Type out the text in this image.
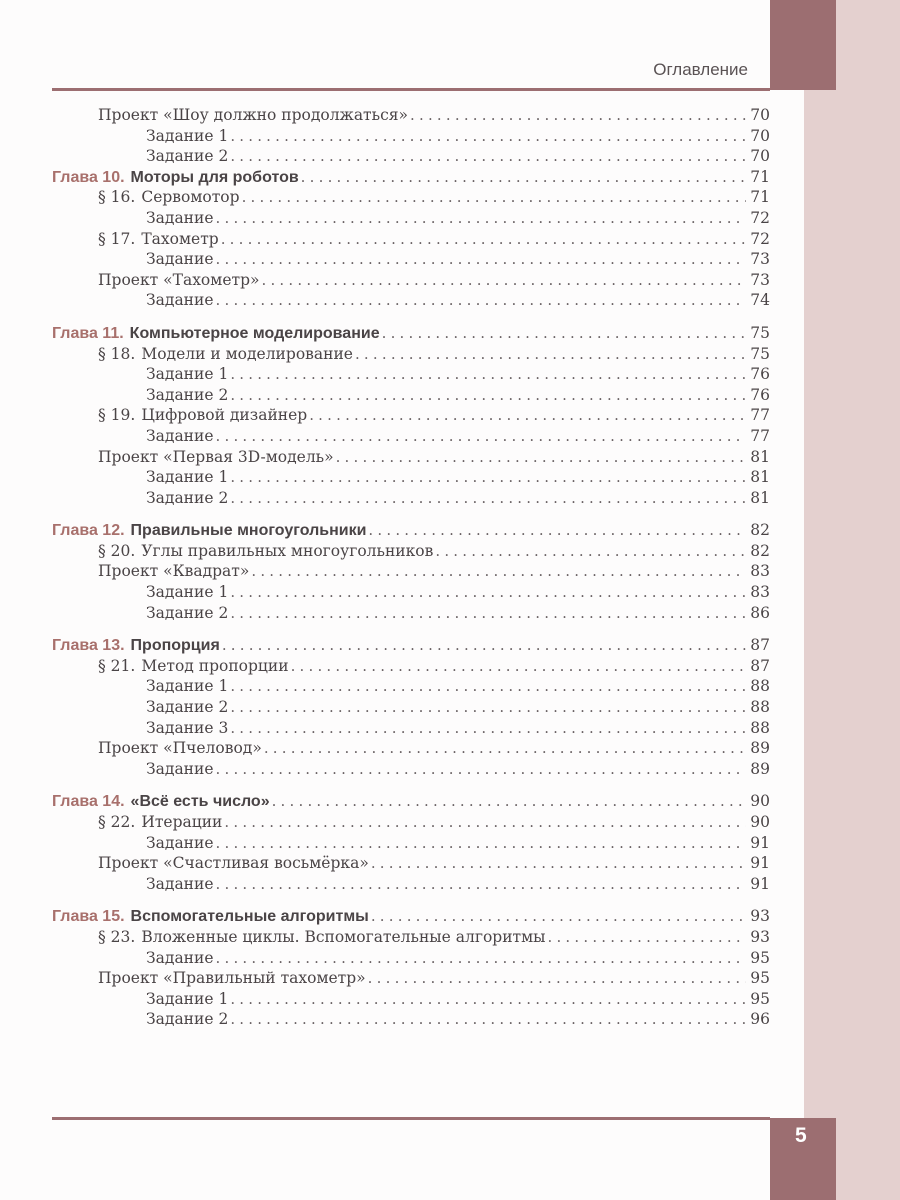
Оглавление
Проект «Шоу должно продолжаться» .....	70
Задание 1 .....	70
Задание 2 .....	70
Глава 10. Моторы для роботов .....	71
§ 16. Сервомотор .....	71
Задание .....	72
§ 17. Тахометр .....	72
Задание .....	73
Проект «Тахометр» .....	73
Задание .....	74
Глава 11. Компьютерное моделирование .....	75
§ 18. Модели и моделирование .....	75
Задание 1 .....	76
Задание 2 .....	76
§ 19. Цифровой дизайнер .....	77
Задание .....	77
Проект «Первая 3D-модель» .....	81
Задание 1 .....	81
Задание 2 .....	81
Глава 12. Правильные многоугольники .....	82
§ 20. Углы правильных многоугольников .....	82
Проект «Квадрат» .....	83
Задание 1 .....	83
Задание 2 .....	86
Глава 13. Пропорция .....	87
§ 21. Метод пропорции .....	87
Задание 1 .....	88
Задание 2 .....	88
Задание 3 .....	88
Проект «Пчеловод» .....	89
Задание .....	89
Глава 14. «Всё есть число» .....	90
§ 22. Итерации .....	90
Задание .....	91
Проект «Счастливая восьмёрка» .....	91
Задание .....	91
Глава 15. Вспомогательные алгоритмы .....	93
§ 23. Вложенные циклы. Вспомогательные алгоритмы .....	93
Задание .....	95
Проект «Правильный тахометр» .....	95
Задание 1 .....	95
Задание 2 .....	96
5
